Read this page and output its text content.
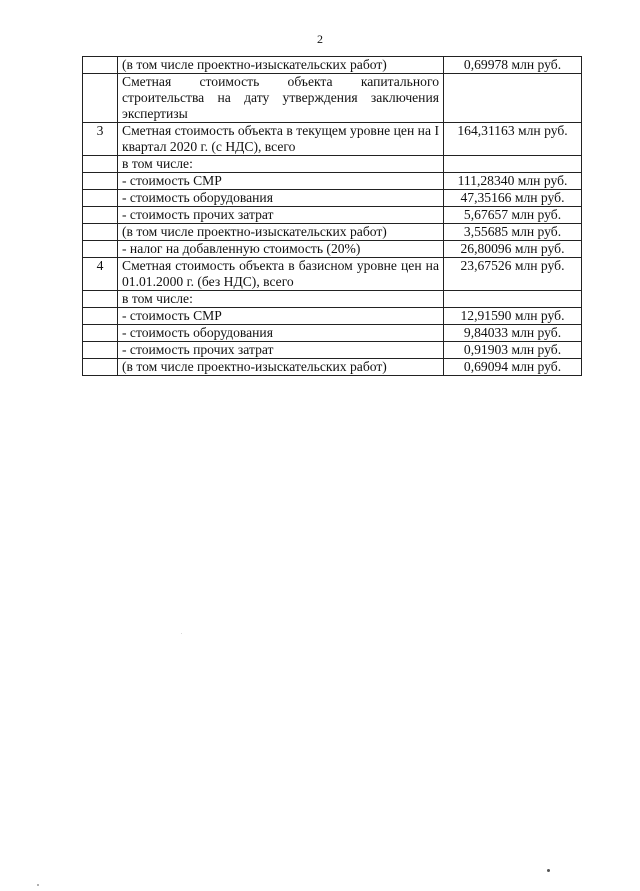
2
	(в том числе проектно-изыскательских работ)	0,69978 млн руб.
	Сметная стоимость объекта капитального строительства на дату утверждения заключения экспертизы	
3	Сметная стоимость объекта в текущем уровне цен на I квартал 2020 г. (с НДС), всего	164,31163 млн руб.
	в том числе:	
	- стоимость СМР	111,28340 млн руб.
	- стоимость оборудования	47,35166 млн руб.
	- стоимость прочих затрат	5,67657 млн руб.
	(в том числе проектно-изыскательских работ)	3,55685 млн руб.
	- налог на добавленную стоимость (20%)	26,80096 млн руб.
4	Сметная стоимость объекта в базисном уровне цен на 01.01.2000 г. (без НДС), всего	23,67526 млн руб.
	в том числе:	
	- стоимость СМР	12,91590 млн руб.
	- стоимость оборудования	9,84033 млн руб.
	- стоимость прочих затрат	0,91903 млн руб.
	(в том числе проектно-изыскательских работ)	0,69094 млн руб.
